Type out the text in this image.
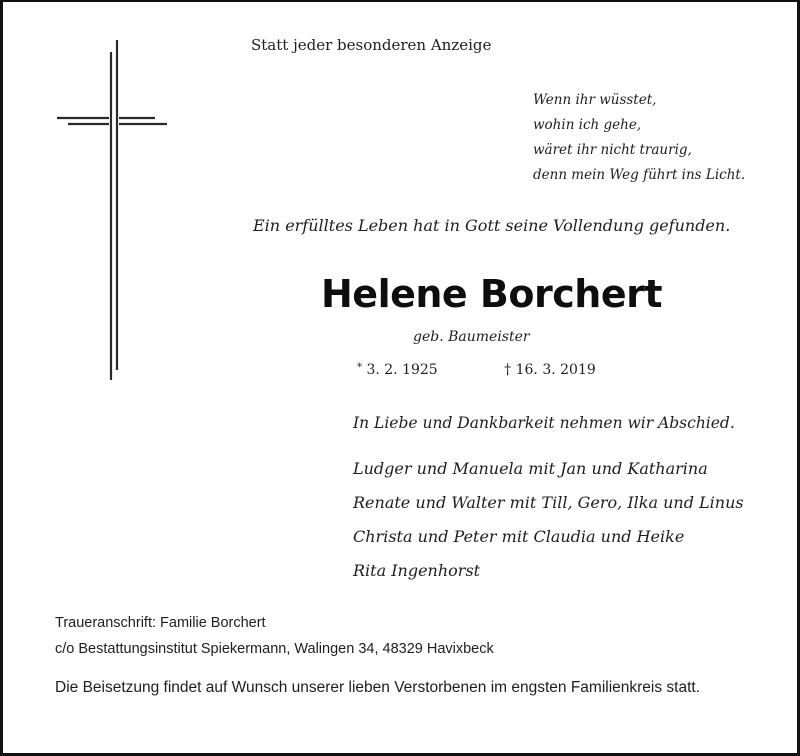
Statt jeder besonderen Anzeige
Wenn ihr wüsstet,
wohin ich gehe,
wäret ihr nicht traurig,
denn mein Weg führt ins Licht.
Ein erfülltes Leben hat in Gott seine Vollendung gefunden.
Helene Borchert
geb. Baumeister
* 3. 2. 1925	† 16. 3. 2019
In Liebe und Dankbarkeit nehmen wir Abschied.
Ludger und Manuela mit Jan und Katharina
Renate und Walter mit Till, Gero, Ilka und Linus
Christa und Peter mit Claudia und Heike
Rita Ingenhorst
Traueranschrift: Familie Borchert
c/o Bestattungsinstitut Spiekermann, Walingen 34, 48329 Havixbeck
Die Beisetzung findet auf Wunsch unserer lieben Verstorbenen im engsten Familienkreis statt.
